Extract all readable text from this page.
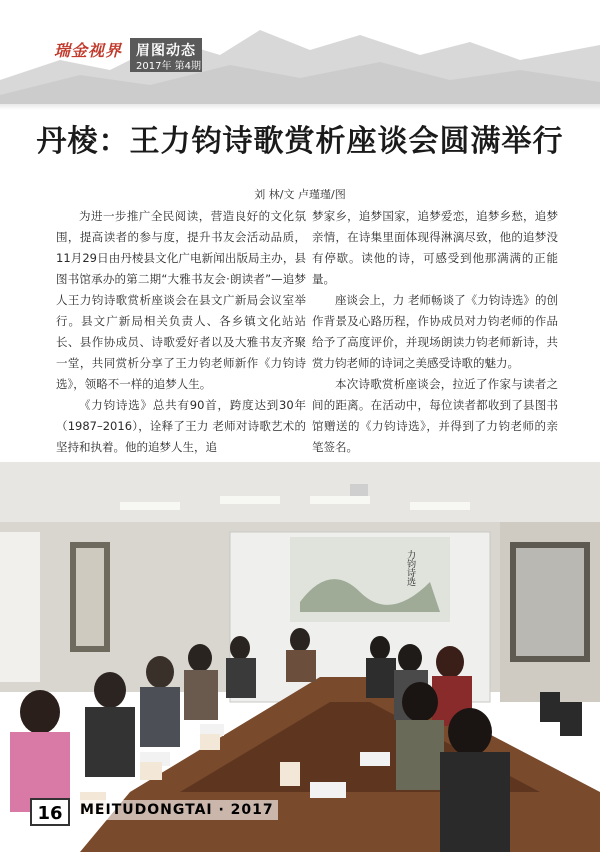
瑞金视界 眉图动态
2017年 第4期
丹棱：王力钧诗歌赏析座谈会圆满举行
刘 林/文 卢瑾瑾/图

为进一步推广全民阅读，营造良好的文化氛围，提高读者的参与度，提升书友会活动品质，11月29日由丹棱县文化广电新闻出版局主办，县图书馆承办的第二期“大雅书友会·朗读者”—追梦人王力钧诗歌赏析座谈会在县文广新局会议室举行。县文广新局相关负责人、各乡镇文化站站长、县作协成员、诗歌爱好者以及大雅书友齐聚一堂，共同赏析分享了王力钧老师新作《力钧诗选》，领略不一样的追梦人生。

《力钧诗选》总共有90首，跨度达到30年（1987–2016），诠释了王力 老师对诗歌艺术的坚持和执着。他的追梦人生，追

梦家乡，追梦国家，追梦爱恋，追梦乡愁，追梦亲情，在诗集里面体现得淋漓尽致，他的追梦没有停歇。读他的诗，可感受到他那满满的正能量。

座谈会上，力 老师畅谈了《力钧诗选》的创作背景及心路历程，作协成员对力钧老师的作品给予了高度评价，并现场朗读力钧老师新诗，共赏力钧老师的诗词之美感受诗歌的魅力。

本次诗歌赏析座谈会，拉近了作家与读者之间的距离。在活动中，每位读者都收到了县图书馆赠送的《力钧诗选》，并得到了力钧老师的亲笔签名。

力钧诗选
16	MEITUDONGTAI · 2017
